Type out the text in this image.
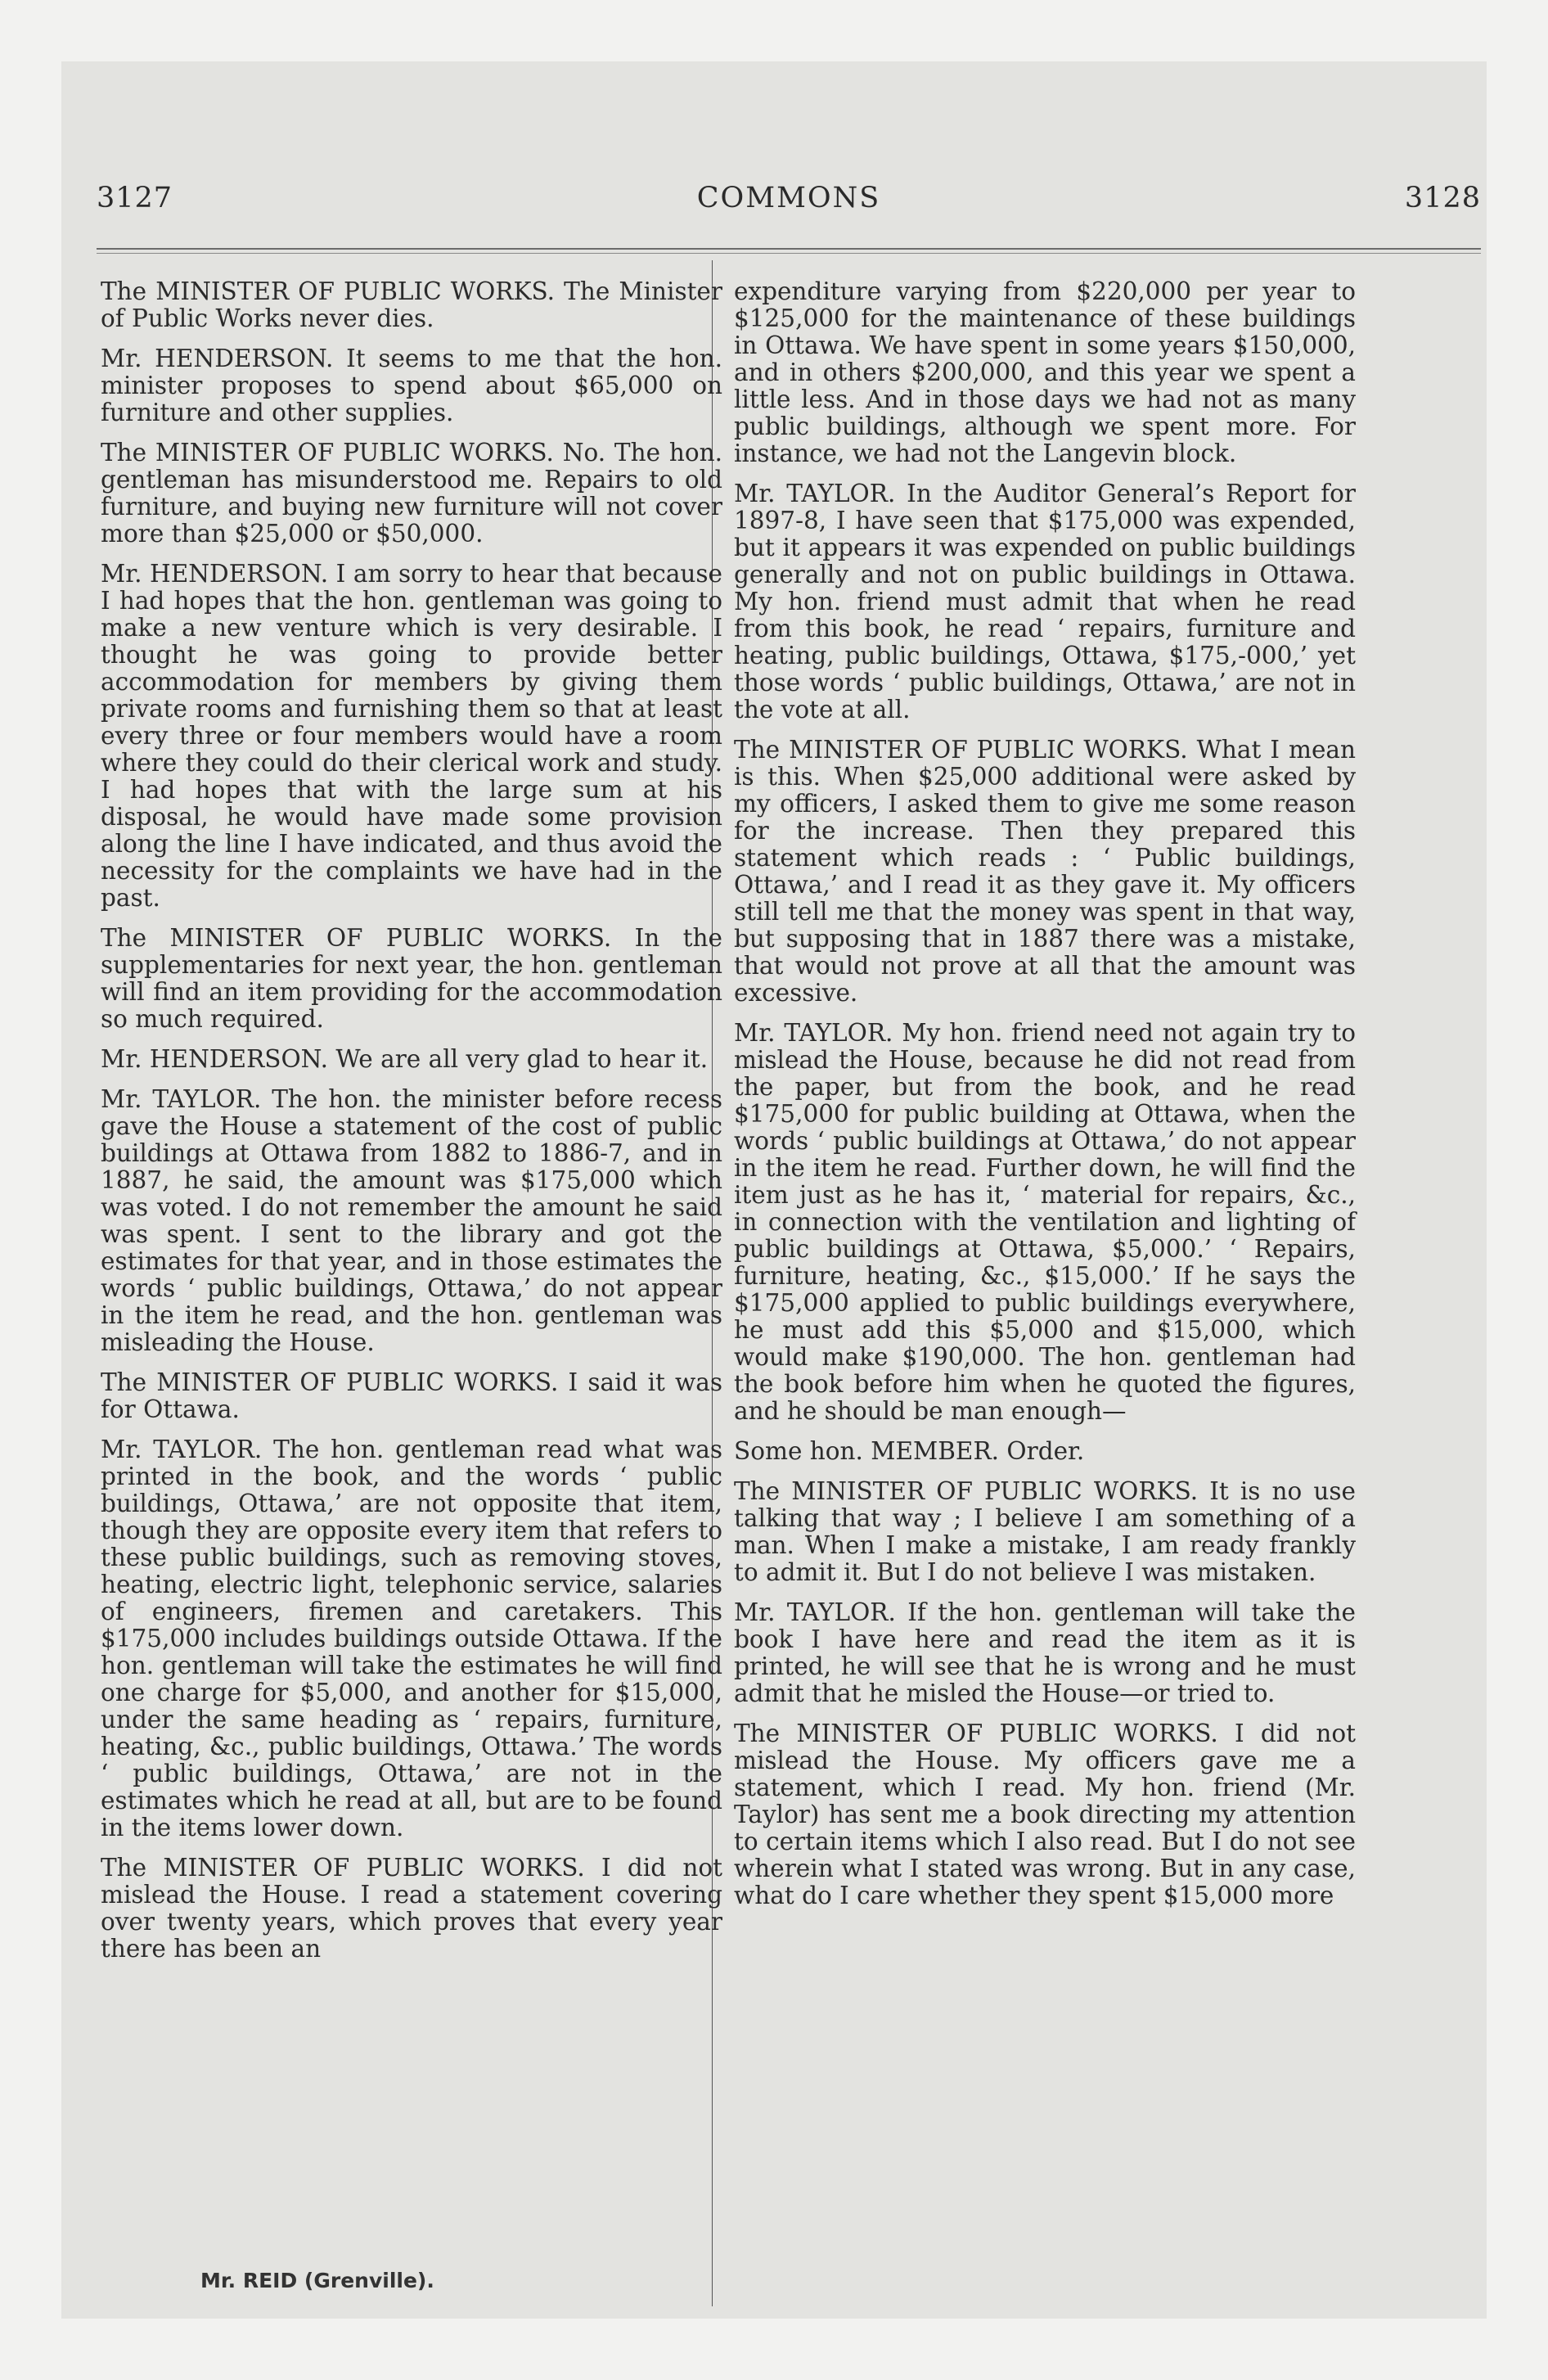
3127	COMMONS	3128

The MINISTER OF PUBLIC WORKS. The Minister of Public Works never dies.

Mr. HENDERSON. It seems to me that the hon. minister proposes to spend about $65,000 on furniture and other supplies.

The MINISTER OF PUBLIC WORKS. No. The hon. gentleman has misunderstood me. Repairs to old furniture, and buying new furniture will not cover more than $25,000 or $50,000.

Mr. HENDERSON. I am sorry to hear that because I had hopes that the hon. gentleman was going to make a new venture which is very desirable. I thought he was going to provide better accommodation for members by giving them private rooms and furnishing them so that at least every three or four members would have a room where they could do their clerical work and study. I had hopes that with the large sum at his disposal, he would have made some provision along the line I have indicated, and thus avoid the necessity for the complaints we have had in the past.

The MINISTER OF PUBLIC WORKS. In the supplementaries for next year, the hon. gentleman will find an item providing for the accommodation so much required.

Mr. HENDERSON. We are all very glad to hear it.

Mr. TAYLOR. The hon. the minister before recess gave the House a statement of the cost of public buildings at Ottawa from 1882 to 1886-7, and in 1887, he said, the amount was $175,000 which was voted. I do not remember the amount he said was spent. I sent to the library and got the estimates for that year, and in those estimates the words ‘ public buildings, Ottawa,’ do not appear in the item he read, and the hon. gentleman was misleading the House.

The MINISTER OF PUBLIC WORKS. I said it was for Ottawa.

Mr. TAYLOR. The hon. gentleman read what was printed in the book, and the words ‘ public buildings, Ottawa,’ are not opposite that item, though they are opposite every item that refers to these public buildings, such as removing stoves, heating, electric light, telephonic service, salaries of engineers, firemen and caretakers. This $175,000 includes buildings outside Ottawa. If the hon. gentleman will take the estimates he will find one charge for $5,000, and another for $15,000, under the same heading as ‘ repairs, furniture, heating, &c., public buildings, Ottawa.’ The words ‘ public buildings, Ottawa,’ are not in the estimates which he read at all, but are to be found in the items lower down.

The MINISTER OF PUBLIC WORKS. I did not mislead the House. I read a statement covering over twenty years, which proves that every year there has been an

expenditure varying from $220,000 per year to $125,000 for the maintenance of these buildings in Ottawa. We have spent in some years $150,000, and in others $200,000, and this year we spent a little less. And in those days we had not as many public buildings, although we spent more. For instance, we had not the Langevin block.

Mr. TAYLOR. In the Auditor General’s Report for 1897-8, I have seen that $175,000 was expended, but it appears it was expended on public buildings generally and not on public buildings in Ottawa. My hon. friend must admit that when he read from this book, he read ‘ repairs, furniture and heating, public buildings, Ottawa, $175,-000,’ yet those words ‘ public buildings, Ottawa,’ are not in the vote at all.

The MINISTER OF PUBLIC WORKS. What I mean is this. When $25,000 additional were asked by my officers, I asked them to give me some reason for the increase. Then they prepared this statement which reads : ‘ Public buildings, Ottawa,’ and I read it as they gave it. My officers still tell me that the money was spent in that way, but supposing that in 1887 there was a mistake, that would not prove at all that the amount was excessive.

Mr. TAYLOR. My hon. friend need not again try to mislead the House, because he did not read from the paper, but from the book, and he read $175,000 for public building at Ottawa, when the words ‘ public buildings at Ottawa,’ do not appear in the item he read. Further down, he will find the item just as he has it, ‘ material for repairs, &c., in connection with the ventilation and lighting of public buildings at Ottawa, $5,000.’ ‘ Repairs, furniture, heating, &c., $15,000.’ If he says the $175,000 applied to public buildings everywhere, he must add this $5,000 and $15,000, which would make $190,000. The hon. gentleman had the book before him when he quoted the figures, and he should be man enough—

Some hon. MEMBER. Order.

The MINISTER OF PUBLIC WORKS. It is no use talking that way ; I believe I am something of a man. When I make a mistake, I am ready frankly to admit it. But I do not believe I was mistaken.

Mr. TAYLOR. If the hon. gentleman will take the book I have here and read the item as it is printed, he will see that he is wrong and he must admit that he misled the House—or tried to.

The MINISTER OF PUBLIC WORKS. I did not mislead the House. My officers gave me a statement, which I read. My hon. friend (Mr. Taylor) has sent me a book directing my attention to certain items which I also read. But I do not see wherein what I stated was wrong. But in any case, what do I care whether they spent $15,000 more

Mr. REID (Grenville).
